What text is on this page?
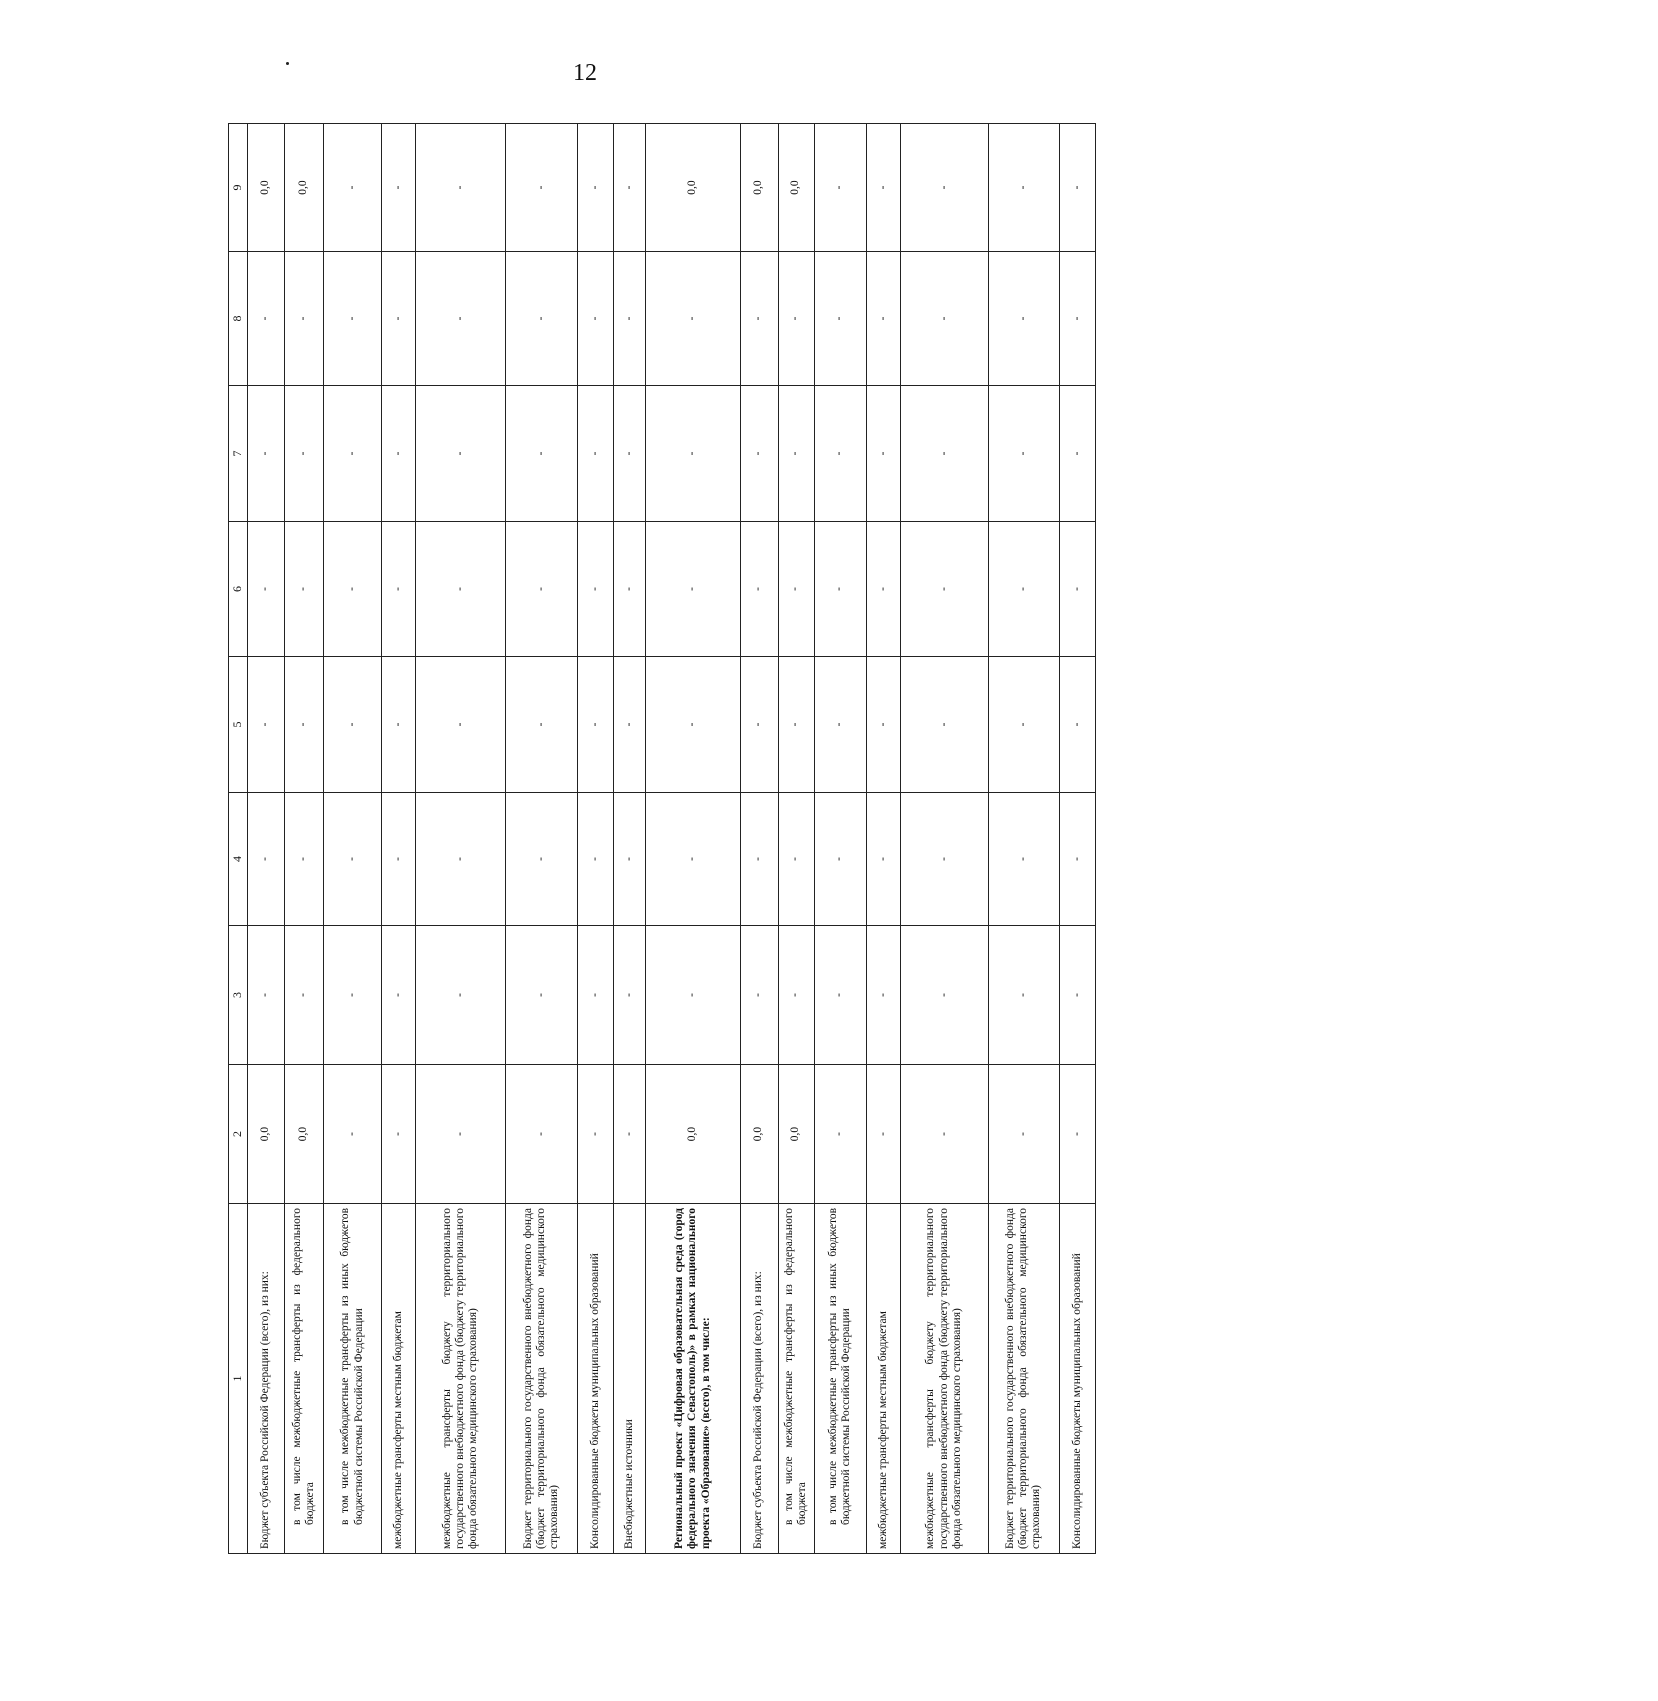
12
1	2	3	4	5	6	7	8	9
Бюджет субъекта Российской Федерации (всего), из них:	0,0	-	-	-	-	-	-	0,0
в том числе межбюджетные трансферты из федерального бюджета	0,0	-	-	-	-	-	-	0,0
в том числе межбюджетные трансферты из иных бюджетов бюджетной системы Российской Федерации	-	-	-	-	-	-	-	-
межбюджетные трансферты местным бюджетам	-	-	-	-	-	-	-	-
межбюджетные трансферты бюджету территориального государственного внебюджетного фонда (бюджету территориального фонда обязательного медицинского страхования)	-	-	-	-	-	-	-	-
Бюджет территориального государственного внебюджетного фонда (бюджет территориального фонда обязательного медицинского страхования)	-	-	-	-	-	-	-	-
Консолидированные бюджеты муниципальных образований	-	-	-	-	-	-	-	-
Внебюджетные источники	-	-	-	-	-	-	-	-
Региональный проект «Цифровая образовательная среда (город федерального значения Севастополь)» в рамках национального проекта «Образование» (всего), в том числе:	0,0	-	-	-	-	-	-	0,0
Бюджет субъекта Российской Федерации (всего), из них:	0,0	-	-	-	-	-	-	0,0
в том числе межбюджетные трансферты из федерального бюджета	0,0	-	-	-	-	-	-	0,0
в том числе межбюджетные трансферты из иных бюджетов бюджетной системы Российской Федерации	-	-	-	-	-	-	-	-
межбюджетные трансферты местным бюджетам	-	-	-	-	-	-	-	-
межбюджетные трансферты бюджету территориального государственного внебюджетного фонда (бюджету территориального фонда обязательного медицинского страхования)	-	-	-	-	-	-	-	-
Бюджет территориального государственного внебюджетного фонда (бюджет территориального фонда обязательного медицинского страхования)	-	-	-	-	-	-	-	-
Консолидированные бюджеты муниципальных образований	-	-	-	-	-	-	-	-
